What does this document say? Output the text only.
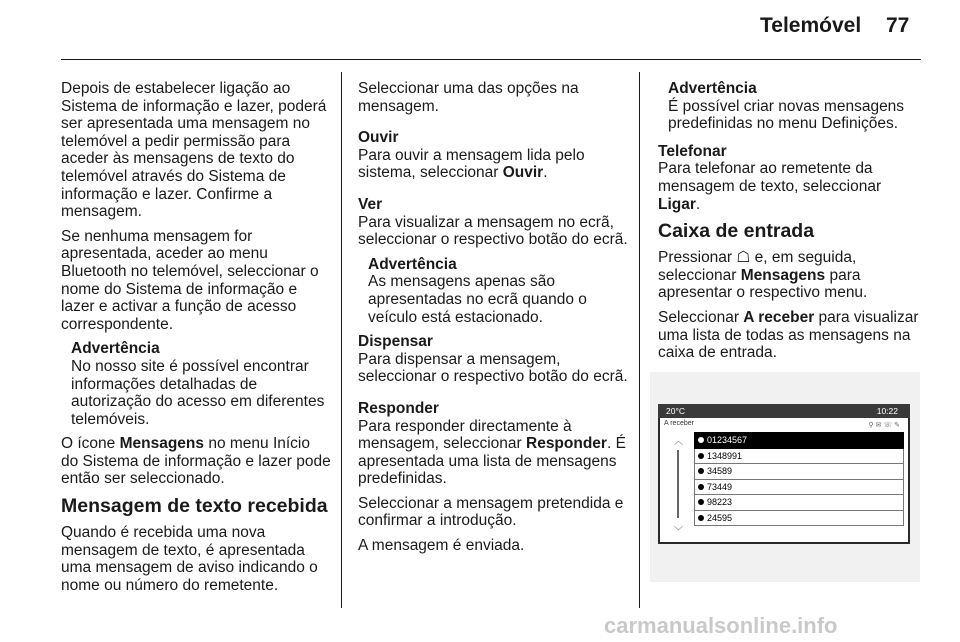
Telemóvel 77

Depois de estabelecer ligação ao Sistema de informação e lazer, poderá ser apresentada uma mensagem no telemóvel a pedir permissão para aceder às mensagens de texto do telemóvel através do Sistema de informação e lazer. Confirme a mensagem.

Se nenhuma mensagem for apresentada, aceder ao menu Bluetooth no telemóvel, seleccionar o nome do Sistema de informação e lazer e activar a função de acesso correspondente.

Advertência

No nosso site é possível encontrar informações detalhadas de autorização do acesso em diferentes telemóveis.

O ícone Mensagens no menu Início do Sistema de informação e lazer pode então ser seleccionado.

Mensagem de texto recebida

Quando é recebida uma nova mensagem de texto, é apresentada uma mensagem de aviso indicando o nome ou número do remetente.

Seleccionar uma das opções na mensagem.

Ouvir

Para ouvir a mensagem lida pelo sistema, seleccionar Ouvir.

Ver

Para visualizar a mensagem no ecrã, seleccionar o respectivo botão do ecrã.

Advertência

As mensagens apenas são apresentadas no ecrã quando o veículo está estacionado.

Dispensar

Para dispensar a mensagem, seleccionar o respectivo botão do ecrã.

Responder

Para responder directamente à mensagem, seleccionar Responder. É apresentada uma lista de mensagens predefinidas.

Seleccionar a mensagem pretendida e confirmar a introdução.

A mensagem é enviada.

Advertência

É possível criar novas mensagens predefinidas no menu Definições.

Telefonar

Para telefonar ao remetente da mensagem de texto, seleccionar Ligar.

Caixa de entrada

Pressionar ☖ e, em seguida, seleccionar Mensagens para apresentar o respectivo menu.

Seleccionar A receber para visualizar uma lista de todas as mensagens na caixa de entrada.

20°C	10:22
A receber	⚲ ✉ ☏ ✎
︿
﹀
01234567
1348991
34589
73449
98223
24595
carmanualsonline.info
